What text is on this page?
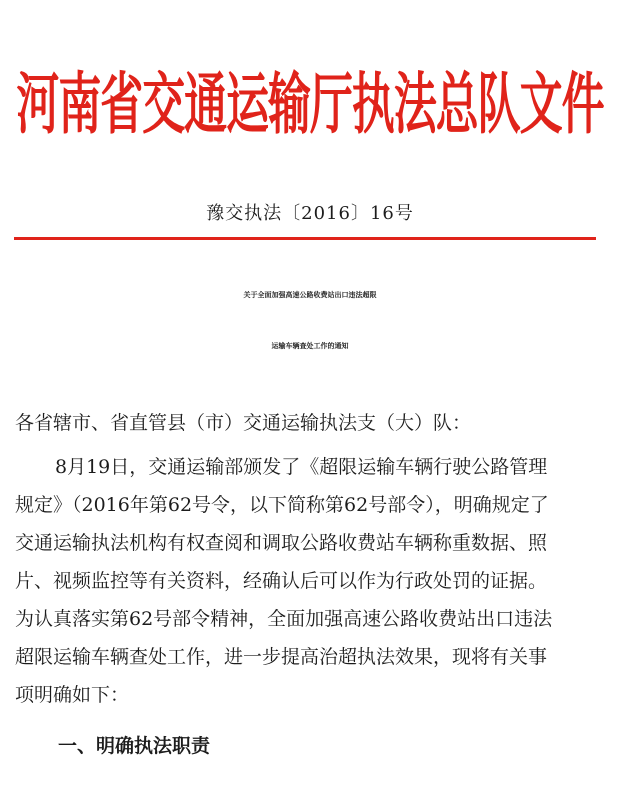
河南省交通运输厅执法总队文件
豫交执法〔2016〕16号
关于全面加强高速公路收费站出口违法超限
运输车辆查处工作的通知
各省辖市、省直管县（市）交通运输执法支（大）队：
8月19日，交通运输部颁发了《超限运输车辆行驶公路管理
规定》（2016年第62号令，以下简称第62号部令），明确规定了
交通运输执法机构有权查阅和调取公路收费站车辆称重数据、照
片、视频监控等有关资料，经确认后可以作为行政处罚的证据。
为认真落实第62号部令精神，全面加强高速公路收费站出口违法
超限运输车辆查处工作，进一步提高治超执法效果，现将有关事
项明确如下：
一、明确执法职责
